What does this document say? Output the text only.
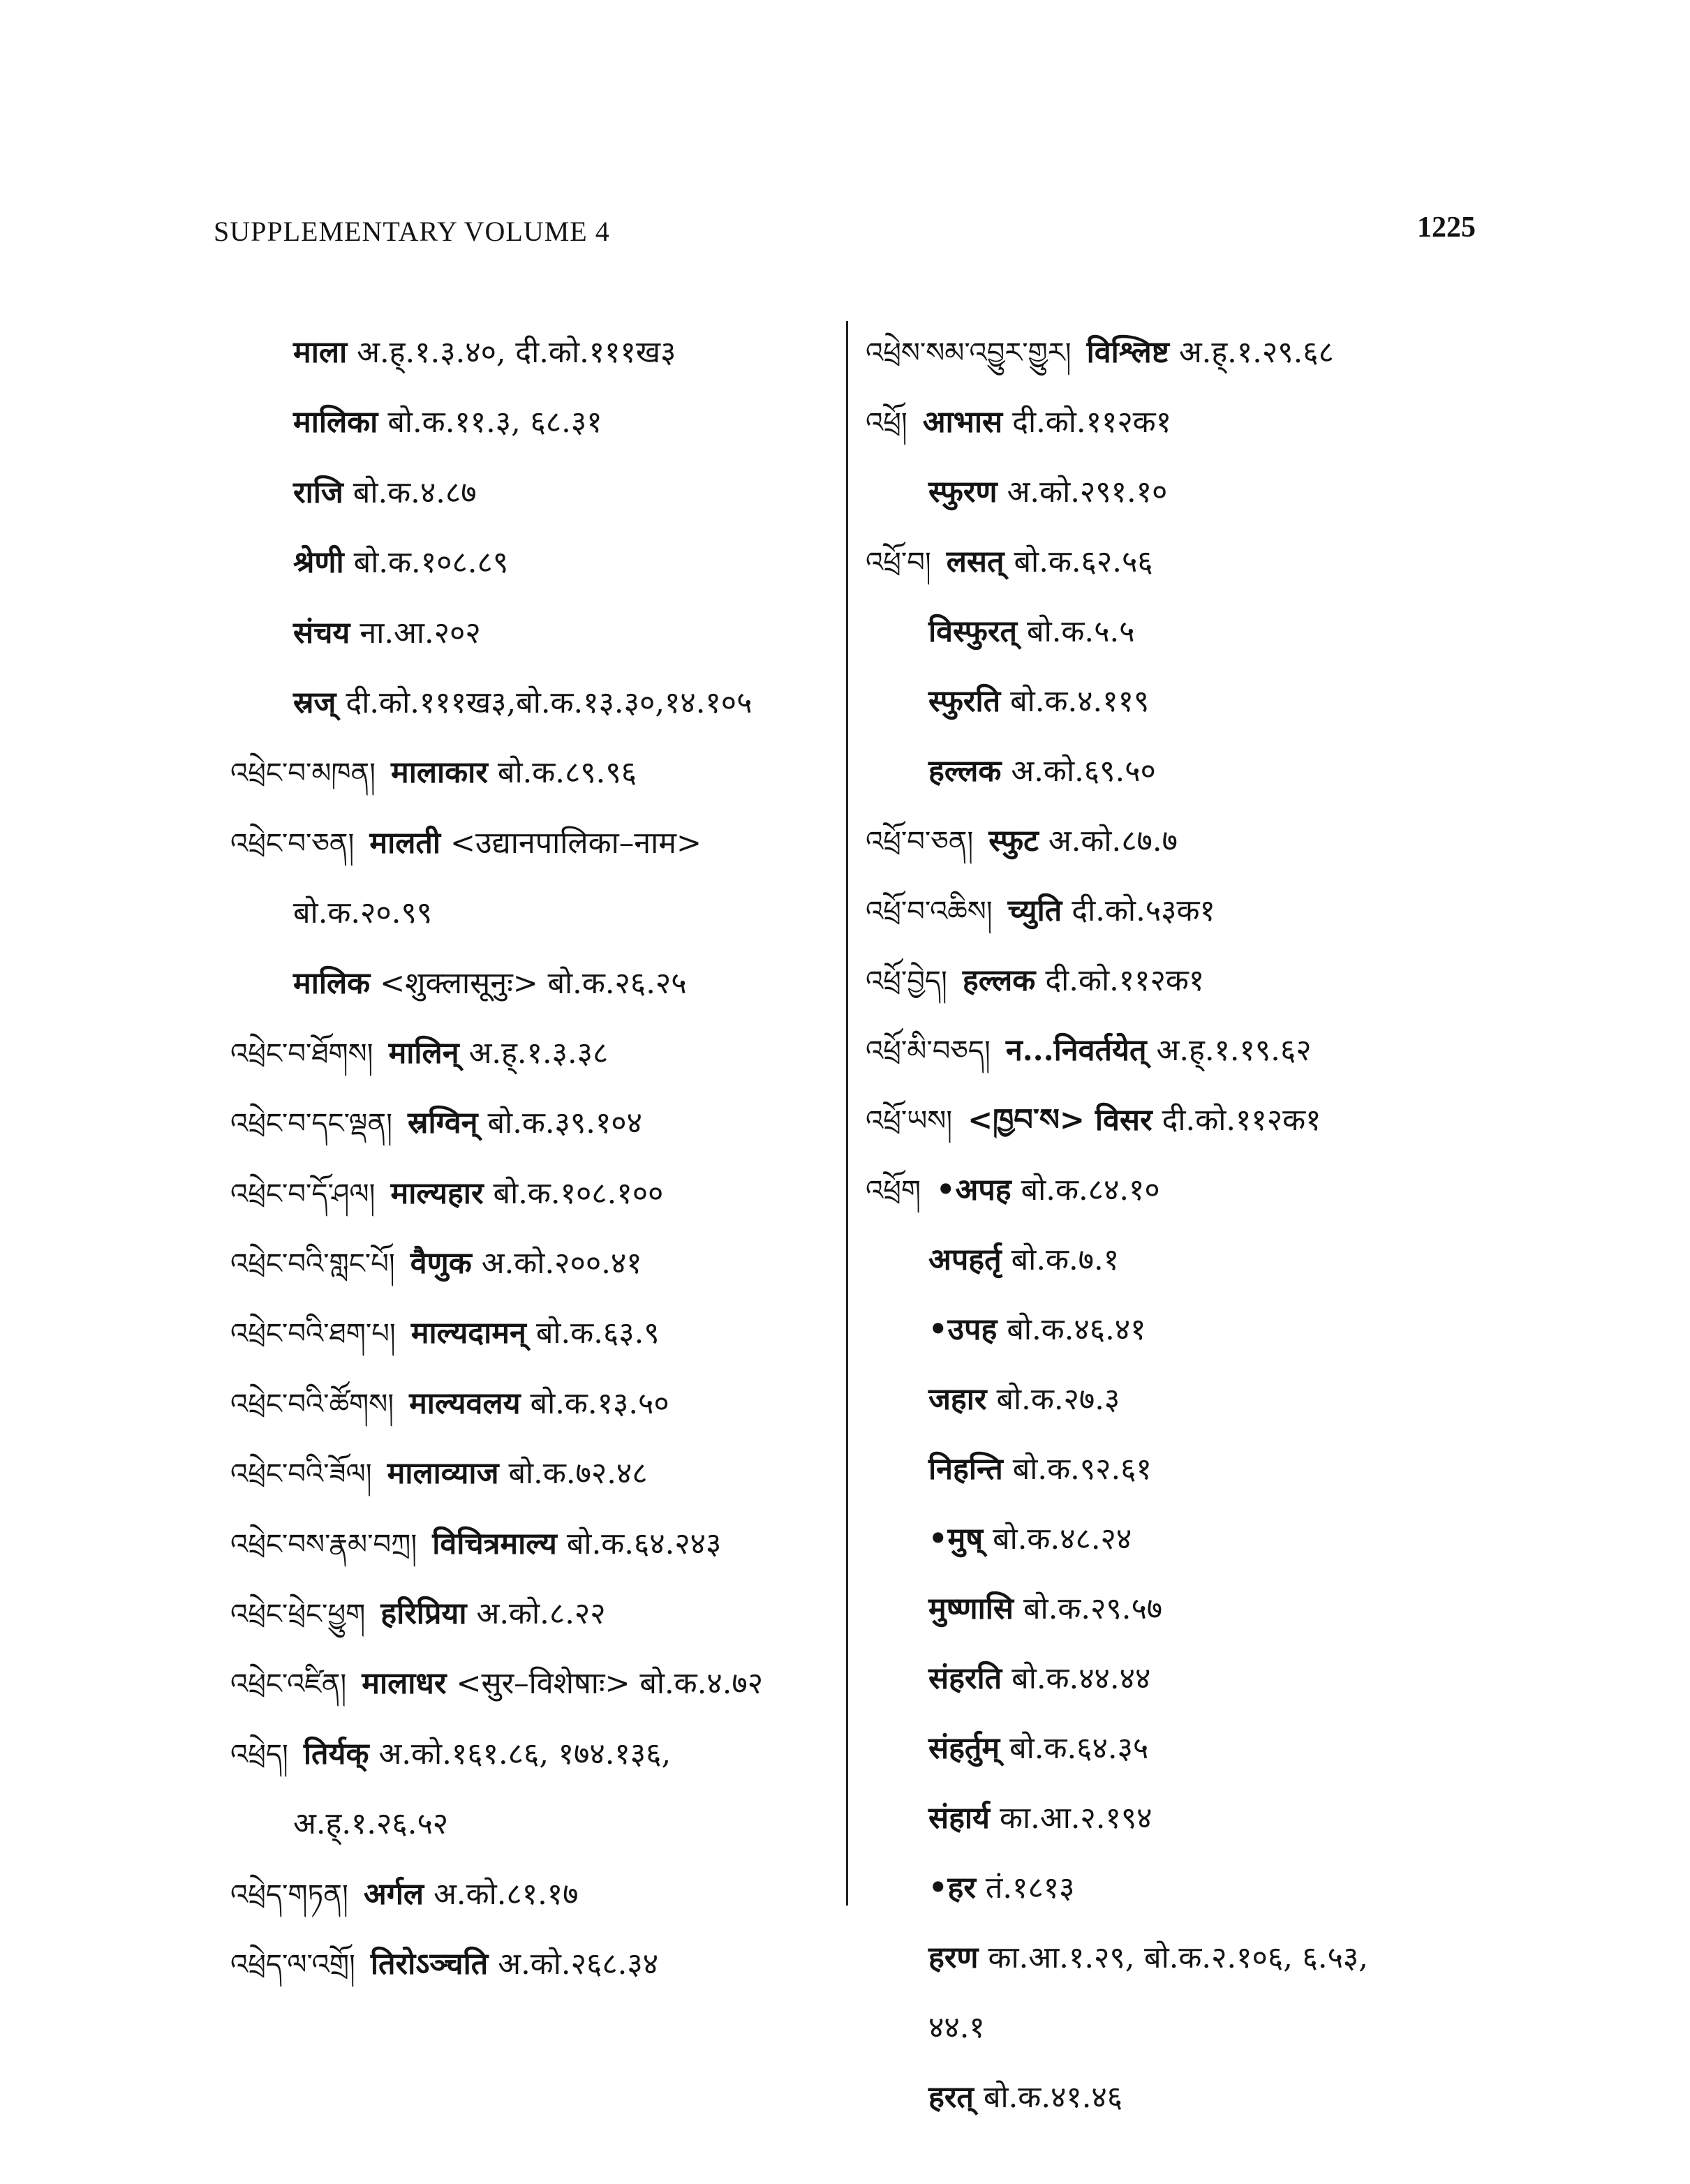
SUPPLEMENTARY VOLUME 4	1225
माला अ.ह्.१.३.४०, दी.को.१११ख३
मालिका बो.क.११.३, ६८.३१
राजि बो.क.४.८७
श्रेणी बो.क.१०८.८९
संचय ना.आ.२०२
स्रज् दी.को.१११ख३,बो.क.१३.३०,१४.१०५
འཕྲེང་བ་མཁན། मालाकार बो.क.८९.९६
འཕྲེང་བ་ཅན། मालती <उद्यानपालिका–नाम>
बो.क.२०.९९
मालिक <शुक्लासूनुः> बो.क.२६.२५
འཕྲེང་བ་ཐོགས། मालिन् अ.ह्.१.३.३८
འཕྲེང་བ་དང་ལྡན། स्रग्विन् बो.क.३९.१०४
འཕྲེང་བ་དོ་ཤལ། माल्यहार बो.क.१०८.१००
འཕྲེང་བའི་གླང་པོ། वैणुक अ.को.२००.४१
འཕྲེང་བའི་ཐག་པ། माल्यदामन् बो.क.६३.९
འཕྲེང་བའི་ཚོགས། माल्यवलय बो.क.१३.५०
འཕྲེང་བའི་ཟོལ། मालाव्याज बो.क.७२.४८
འཕྲེང་བས་རྣམ་བཀྲ། विचित्रमाल्य बो.क.६४.२४३
འཕྲེང་ཕྲེང་ཕྱུག हरिप्रिया अ.को.८.२२
འཕྲེང་འཛིན། मालाधर <सुर–विशेषाः> बो.क.४.७२
འཕྲེད། तिर्यक् अ.को.१६१.८६, १७४.१३६,
अ.ह्.१.२६.५२
འཕྲེད་གཏན། अर्गल अ.को.८१.१७
འཕྲེད་ལ་འགྲོ། तिरोऽञ्चति अ.को.२६८.३४
འཕྲེས་སམ་འབྱུར་གྱུར། विश्लिष्ट अ.ह्.१.२९.६८
འཕྲོ། आभास दी.को.११२क१
स्फुरण अ.को.२९१.१०
འཕྲོ་བ། लसत् बो.क.६२.५६
विस्फुरत् बो.क.५.५
स्फुरति बो.क.४.११९
हल्लक अ.को.६९.५०
འཕྲོ་བ་ཅན། स्फुट अ.को.८७.७
འཕྲོ་བ་འཆིས། च्युति दी.को.५३क१
འཕྲོ་བྱེད། हल्लक दी.को.११२क१
འཕྲོ་མི་བཅད། न...निवर्तयेत् अ.ह्.१.१९.६२
འཕྲོ་ཡས། <ཁྱབ་ས> विसर दी.को.११२क१
འཕྲོག •अपह बो.क.८४.१०
अपहर्तृ बो.क.७.१
•उपह बो.क.४६.४१
जहार बो.क.२७.३
निहन्ति बो.क.९२.६१
•मुष् बो.क.४८.२४
मुष्णासि बो.क.२९.५७
संहरति बो.क.४४.४४
संहर्तुम् बो.क.६४.३५
संहार्य का.आ.२.१९४
•हर तं.१८१३
हरण का.आ.१.२९, बो.क.२.१०६, ६.५३,
४४.१
हरत् बो.क.४१.४६
